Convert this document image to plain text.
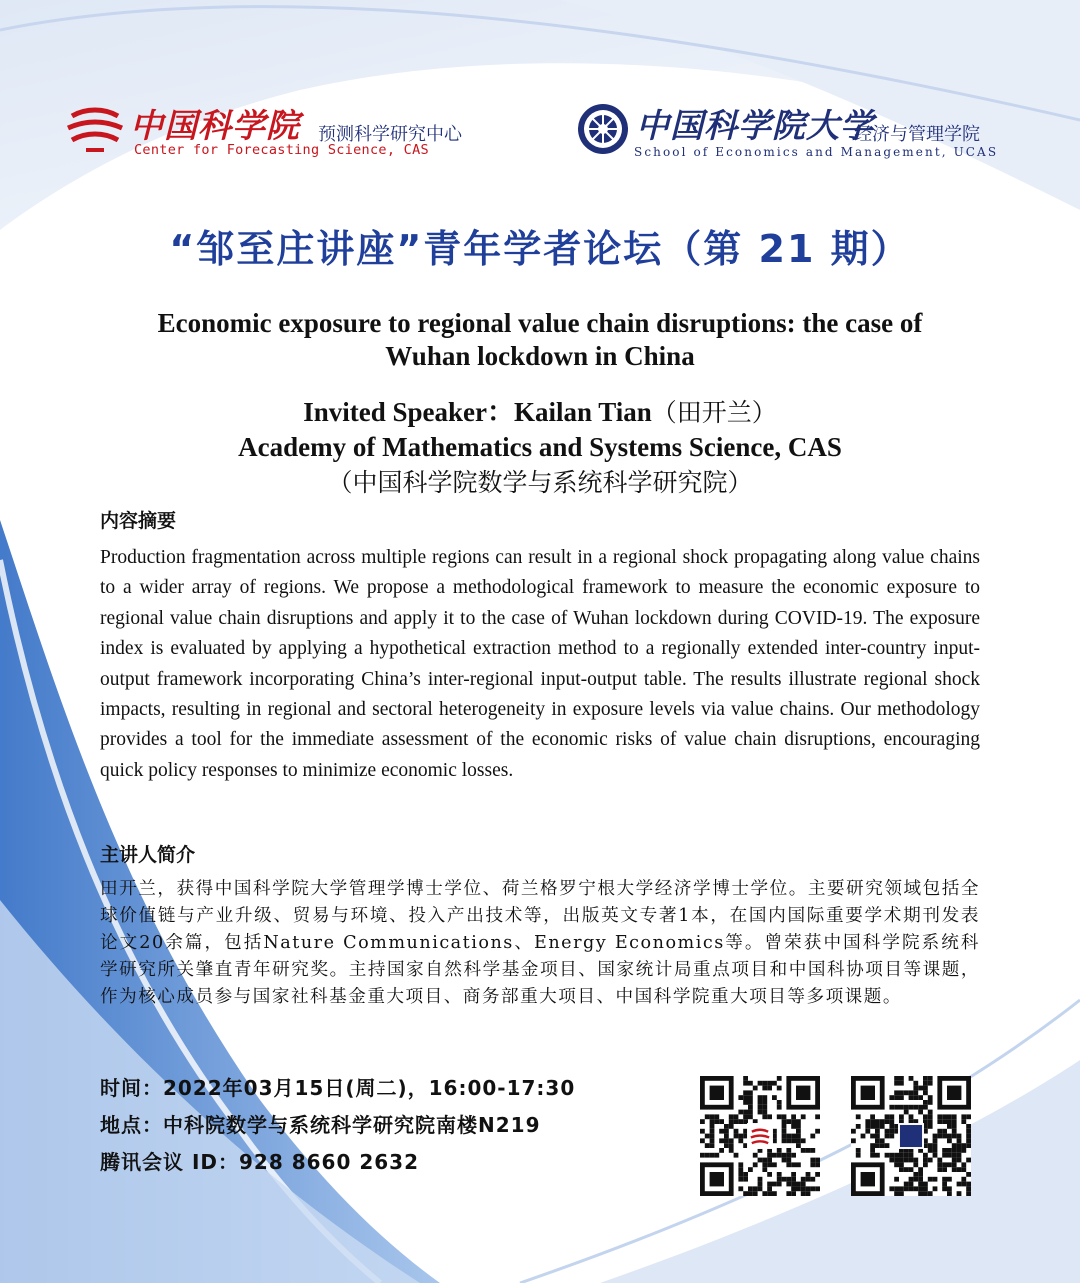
中国科学院 预测科学研究中心
Center for Forecasting Science, CAS
中国科学院大学
经济与管理学院
School of Economics and Management, UCAS
“邹至庄讲座”青年学者论坛（第 21 期）
Economic exposure to regional value chain disruptions: the case of Wuhan lockdown in China
Invited Speaker：Kailan Tian（田开兰）
Academy of Mathematics and Systems Science, CAS
（中国科学院数学与系统科学研究院）
内容摘要
Production fragmentation across multiple regions can result in a regional shock propagating along value chains to a wider array of regions. We propose a methodological framework to measure the economic exposure to regional value chain disruptions and apply it to the case of Wuhan lockdown during COVID-19. The exposure index is evaluated by applying a hypothetical extraction method to a regionally extended inter-country input-output framework incorporating China’s inter-regional input-output table. The results illustrate regional shock impacts, resulting in regional and sectoral heterogeneity in exposure levels via value chains. Our methodology provides a tool for the immediate assessment of the economic risks of value chain disruptions, encouraging quick policy responses to minimize economic losses.
主讲人简介
田开兰，获得中国科学院大学管理学博士学位、荷兰格罗宁根大学经济学博士学位。主要研究领域包括全球价值链与产业升级、贸易与环境、投入产出技术等，出版英文专著1本，在国内国际重要学术期刊发表论文20余篇，包括Nature Communications、Energy Economics等。曾荣获中国科学院系统科学研究所关肇直青年研究奖。主持国家自然科学基金项目、国家统计局重点项目和中国科协项目等课题，作为核心成员参与国家社科基金重大项目、商务部重大项目、中国科学院重大项目等多项课题。
时间：2022年03月15日(周二)，16:00-17:30
地点：中科院数学与系统科学研究院南楼N219
腾讯会议 ID：928 8660 2632
